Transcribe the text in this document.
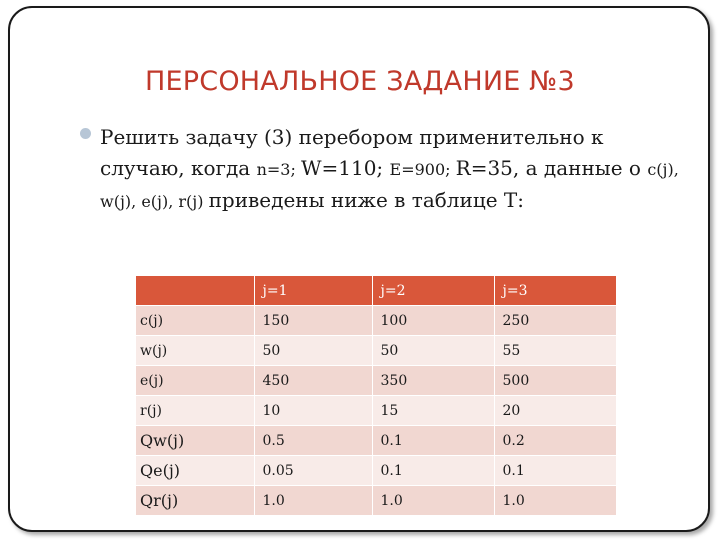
ПЕРСОНАЛЬНОЕ ЗАДАНИЕ №3

Решить задачу (3) перебором применительно к случаю, когда n=3; W=110; E=900; R=35, а данные о c(j), w(j), e(j), r(j) приведены ниже в таблице Т:

	j=1	j=2	j=3
c(j)	150	100	250
w(j)	50	50	55
e(j)	450	350	500
r(j)	10	15	20
Qw(j)	0.5	0.1	0.2
Qe(j)	0.05	0.1	0.1
Qr(j)	1.0	1.0	1.0
